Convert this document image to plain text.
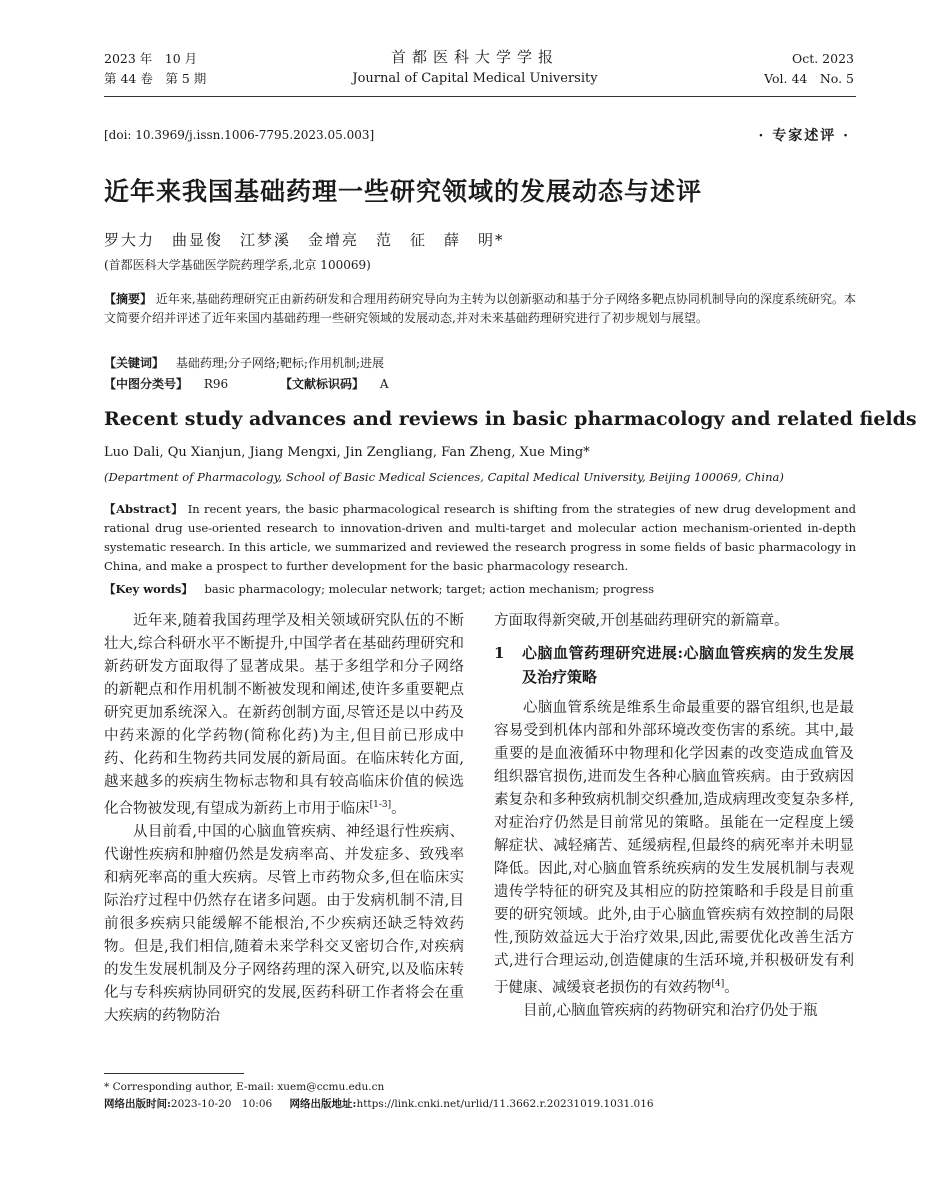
2023 年　10 月
第 44 卷　第 5 期
首都医科大学学报
Journal of Capital Medical University
Oct. 2023
Vol. 44　No. 5
[doi: 10.3969/j.issn.1006-7795.2023.05.003]	· 专家述评 ·
近年来我国基础药理一些研究领域的发展动态与述评
罗大力　曲显俊　江梦溪　金增亮　范　征　薛　明*
(首都医科大学基础医学院药理学系,北京 100069)
【摘要】 近年来,基础药理研究正由新药研发和合理用药研究导向为主转为以创新驱动和基于分子网络多靶点协同机制导向的深度系统研究。本文简要介绍并评述了近年来国内基础药理一些研究领域的发展动态,并对未来基础药理研究进行了初步规划与展望。
【关键词】 基础药理;分子网络;靶标;作用机制;进展
【中图分类号】 R96	【文献标识码】 A
Recent study advances and reviews in basic pharmacology and related fields
Luo Dali, Qu Xianjun, Jiang Mengxi, Jin Zengliang, Fan Zheng, Xue Ming*
(Department of Pharmacology, School of Basic Medical Sciences, Capital Medical University, Beijing 100069, China)
【Abstract】 In recent years, the basic pharmacological research is shifting from the strategies of new drug development and rational drug use-oriented research to innovation-driven and multi-target and molecular action mechanism-oriented in-depth systematic research. In this article, we summarized and reviewed the research progress in some fields of basic pharmacology in China, and make a prospect to further development for the basic pharmacology research.
【Key words】 basic pharmacology; molecular network; target; action mechanism; progress

近年来,随着我国药理学及相关领域研究队伍的不断壮大,综合科研水平不断提升,中国学者在基础药理研究和新药研发方面取得了显著成果。基于多组学和分子网络的新靶点和作用机制不断被发现和阐述,使许多重要靶点研究更加系统深入。在新药创制方面,尽管还是以中药及中药来源的化学药物(简称化药)为主,但目前已形成中药、化药和生物药共同发展的新局面。在临床转化方面,越来越多的疾病生物标志物和具有较高临床价值的候选化合物被发现,有望成为新药上市用于临床[1-3]。

从目前看,中国的心脑血管疾病、神经退行性疾病、代谢性疾病和肿瘤仍然是发病率高、并发症多、致残率和病死率高的重大疾病。尽管上市药物众多,但在临床实际治疗过程中仍然存在诸多问题。由于发病机制不清,目前很多疾病只能缓解不能根治,不少疾病还缺乏特效药物。但是,我们相信,随着未来学科交叉密切合作,对疾病的发生发展机制及分子网络药理的深入研究,以及临床转化与专科疾病协同研究的发展,医药科研工作者将会在重大疾病的药物防治

方面取得新突破,开创基础药理研究的新篇章。

1	心脑血管药理研究进展:心脑血管疾病的发生发展及治疗策略

心脑血管系统是维系生命最重要的器官组织,也是最容易受到机体内部和外部环境改变伤害的系统。其中,最重要的是血液循环中物理和化学因素的改变造成血管及组织器官损伤,进而发生各种心脑血管疾病。由于致病因素复杂和多种致病机制交织叠加,造成病理改变复杂多样,对症治疗仍然是目前常见的策略。虽能在一定程度上缓解症状、减轻痛苦、延缓病程,但最终的病死率并未明显降低。因此,对心脑血管系统疾病的发生发展机制与表观遗传学特征的研究及其相应的防控策略和手段是目前重要的研究领域。此外,由于心脑血管疾病有效控制的局限性,预防效益远大于治疗效果,因此,需要优化改善生活方式,进行合理运动,创造健康的生活环境,并积极研发有利于健康、减缓衰老损伤的有效药物[4]。

目前,心脑血管疾病的药物研究和治疗仍处于瓶

* Corresponding author, E-mail: xuem@ccmu.edu.cn
网络出版时间:2023-10-20　10:06 网络出版地址:https://link.cnki.net/urlid/11.3662.r.20231019.1031.016
